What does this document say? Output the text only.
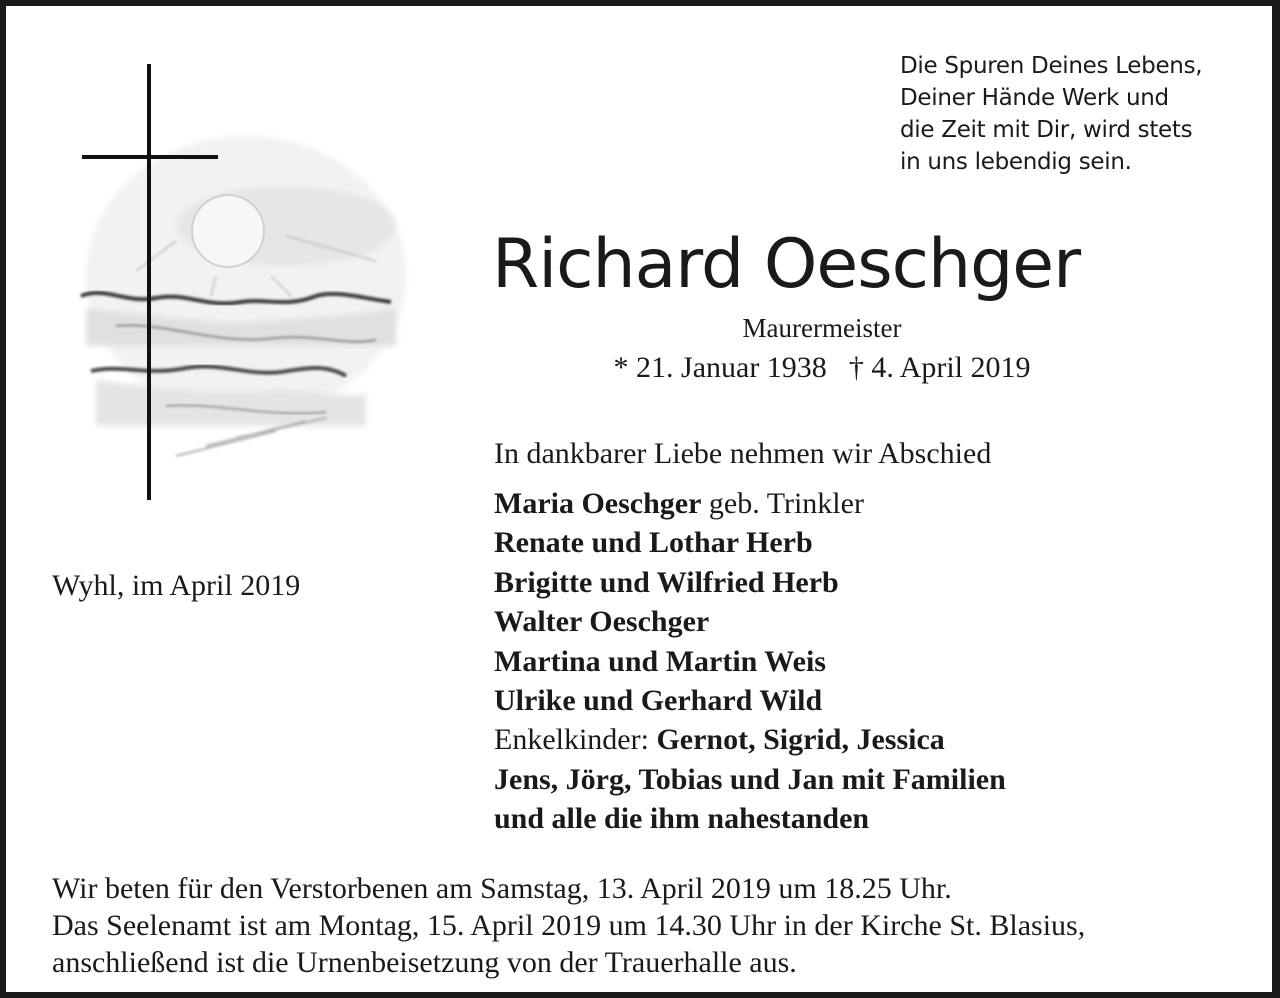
Die Spuren Deines Lebens,
Deiner Hände Werk und
die Zeit mit Dir, wird stets
in uns lebendig sein.
Richard Oeschger
Maurermeister
* 21. Januar 1938 † 4. April 2019
In dankbarer Liebe nehmen wir Abschied
Maria Oeschger geb. Trinkler
Renate und Lothar Herb
Brigitte und Wilfried Herb
Walter Oeschger
Martina und Martin Weis
Ulrike und Gerhard Wild
Enkelkinder: Gernot, Sigrid, Jessica
Jens, Jörg, Tobias und Jan mit Familien
und alle die ihm nahestanden
Wyhl, im April 2019
Wir beten für den Verstorbenen am Samstag, 13. April 2019 um 18.25 Uhr.
Das Seelenamt ist am Montag, 15. April 2019 um 14.30 Uhr in der Kirche St. Blasius,
anschließend ist die Urnenbeisetzung von der Trauerhalle aus.
